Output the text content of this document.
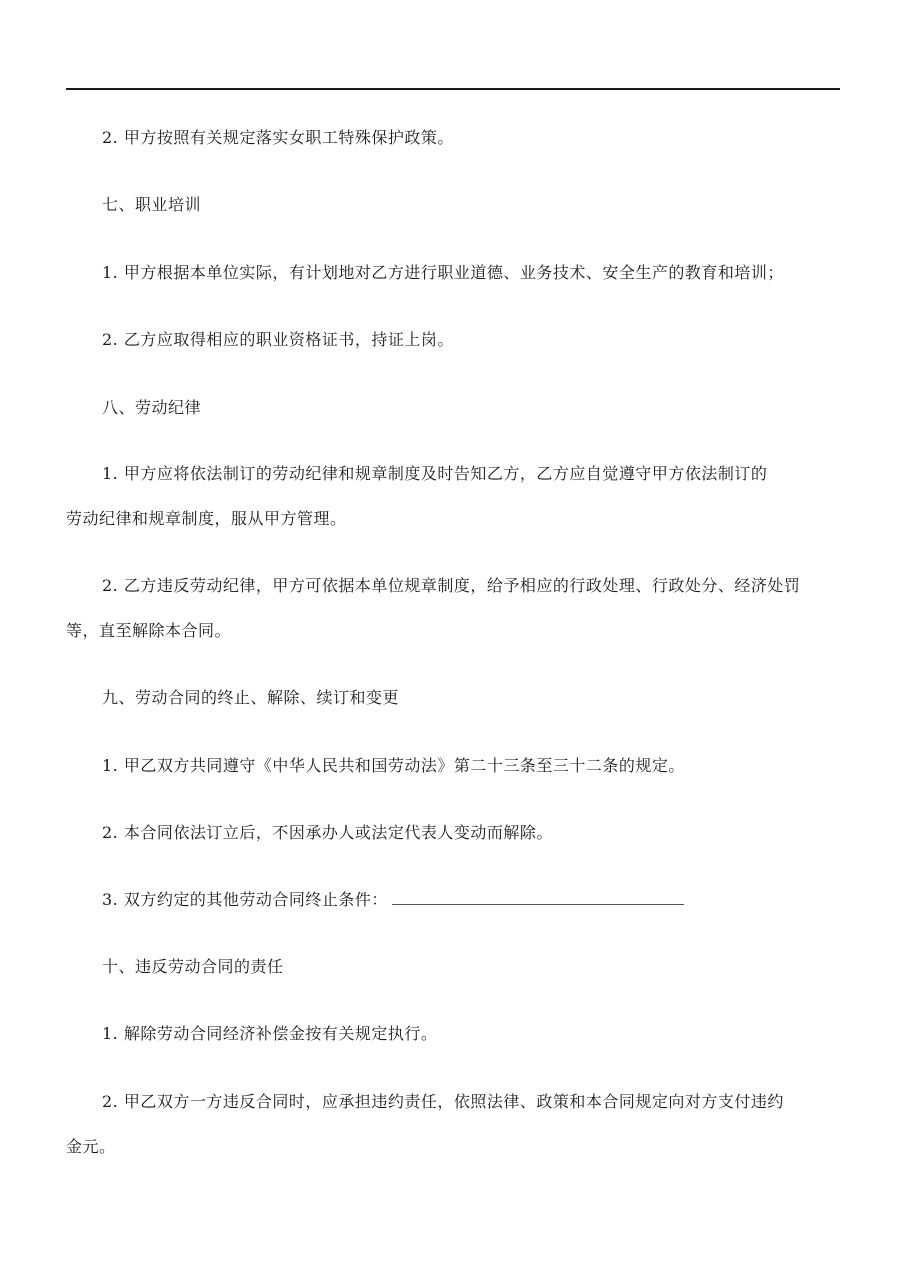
2. 甲方按照有关规定落实女职工特殊保护政策。

七、职业培训

1. 甲方根据本单位实际，有计划地对乙方进行职业道德、业务技术、安全生产的教育和培训；

2. 乙方应取得相应的职业资格证书，持证上岗。

八、劳动纪律

1. 甲方应将依法制订的劳动纪律和规章制度及时告知乙方，乙方应自觉遵守甲方依法制订的

劳动纪律和规章制度，服从甲方管理。

2. 乙方违反劳动纪律，甲方可依据本单位规章制度，给予相应的行政处理、行政处分、经济处罚

等，直至解除本合同。

九、劳动合同的终止、解除、续订和变更

1. 甲乙双方共同遵守《中华人民共和国劳动法》第二十三条至三十二条的规定。

2. 本合同依法订立后，不因承办人或法定代表人变动而解除。

3. 双方约定的其他劳动合同终止条件：

十、违反劳动合同的责任

1. 解除劳动合同经济补偿金按有关规定执行。

2. 甲乙双方一方违反合同时，应承担违约责任，依照法律、政策和本合同规定向对方支付违约

金元。
